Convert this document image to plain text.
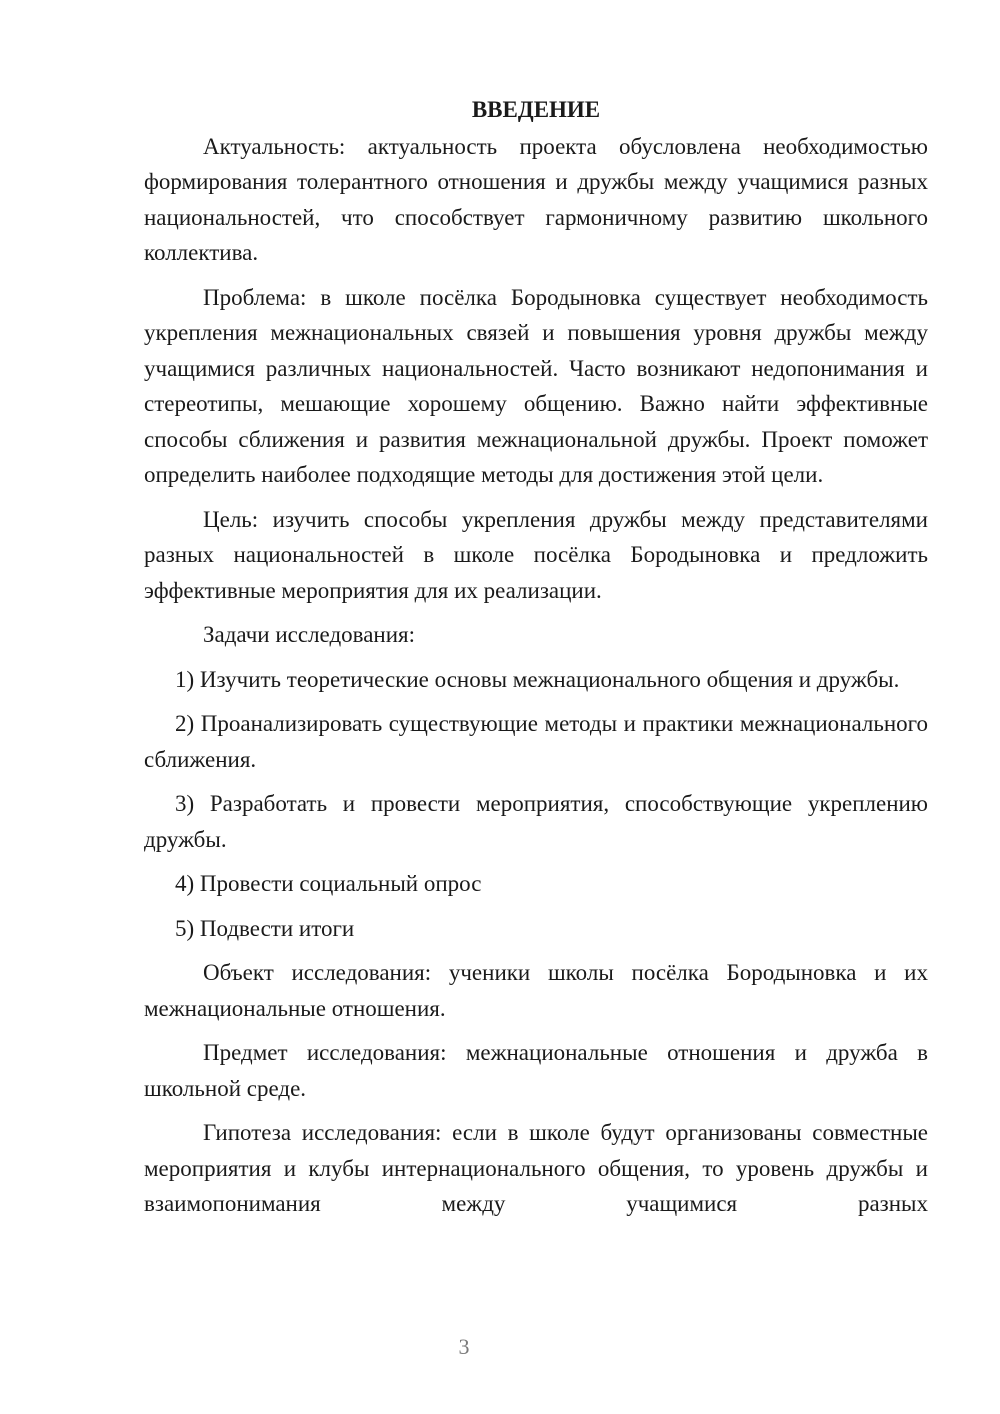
ВВЕДЕНИЕ

Актуальность: актуальность проекта обусловлена необходимостью формирования толерантного отношения и дружбы между учащимися разных национальностей, что способствует гармоничному развитию школьного коллектива.

Проблема: в школе посёлка Бородыновка существует необходимость укрепления межнациональных связей и повышения уровня дружбы между учащимися различных национальностей. Часто возникают недопонимания и стереотипы, мешающие хорошему общению. Важно найти эффективные способы сближения и развития межнациональной дружбы. Проект поможет определить наиболее подходящие методы для достижения этой цели.

Цель: изучить способы укрепления дружбы между представителями разных национальностей в школе посёлка Бородыновка и предложить эффективные мероприятия для их реализации.

Задачи исследования:

1) Изучить теоретические основы межнационального общения и дружбы.

2) Проанализировать существующие методы и практики межнационального сближения.

3) Разработать и провести мероприятия, способствующие укреплению дружбы.

4) Провести социальный опрос

5) Подвести итоги

Объект исследования: ученики школы посёлка Бородыновка и их межнациональные отношения.

Предмет исследования: межнациональные отношения и дружба в школьной среде.

Гипотеза исследования: если в школе будут организованы совместные мероприятия и клубы интернационального общения, то уровень дружбы и взаимопонимания между учащимися разных

3
